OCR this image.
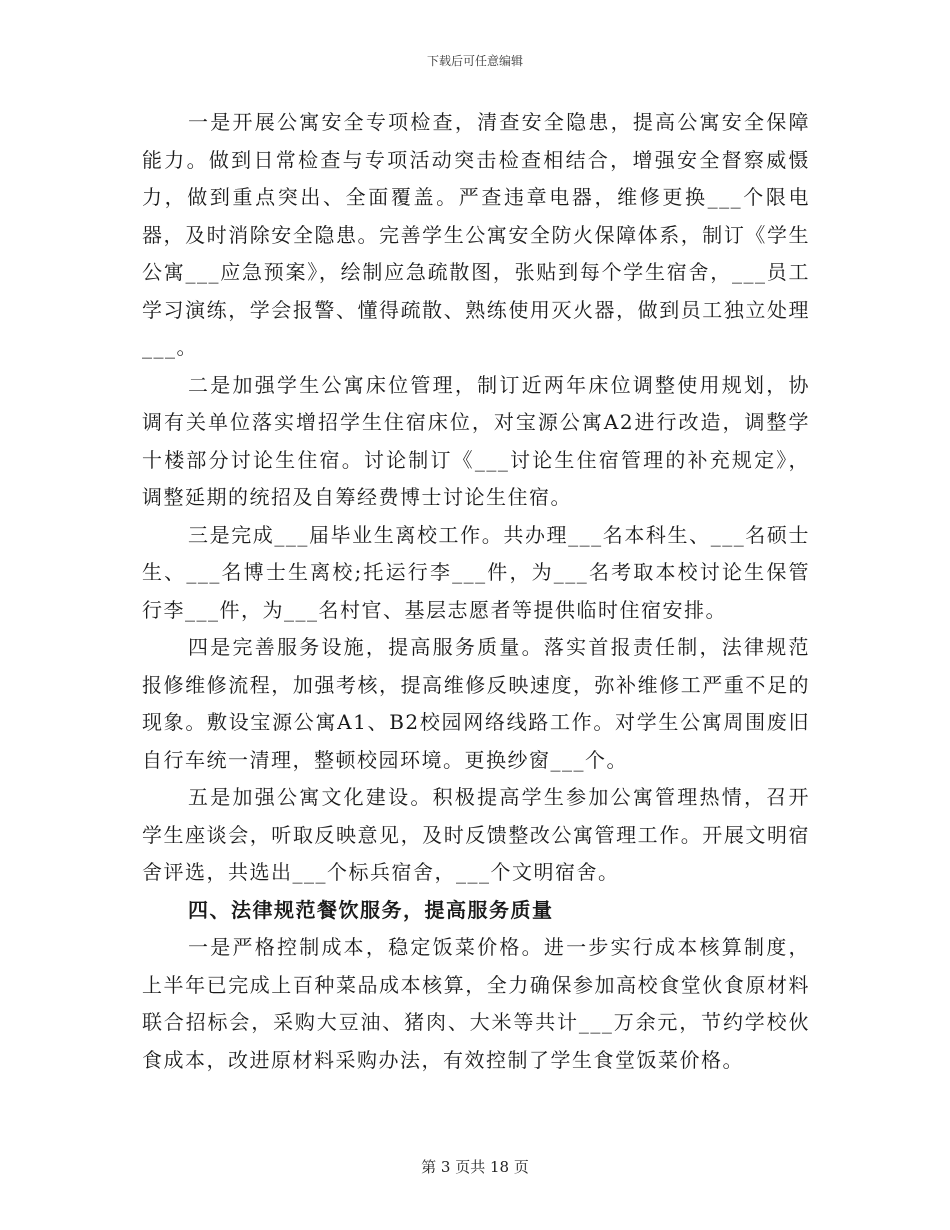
下载后可任意编辑

一是开展公寓安全专项检查，清查安全隐患，提高公寓安全保障能力。做到日常检查与专项活动突击检查相结合，增强安全督察威慑力，做到重点突出、全面覆盖。严查违章电器，维修更换___个限电器，及时消除安全隐患。完善学生公寓安全防火保障体系，制订《学生公寓___应急预案》，绘制应急疏散图，张贴到每个学生宿舍，___员工学习演练，学会报警、懂得疏散、熟练使用灭火器，做到员工独立处理___。

二是加强学生公寓床位管理，制订近两年床位调整使用规划，协调有关单位落实增招学生住宿床位，对宝源公寓A2进行改造，调整学十楼部分讨论生住宿。讨论制订《___讨论生住宿管理的补充规定》，调整延期的统招及自筹经费博士讨论生住宿。

三是完成___届毕业生离校工作。共办理___名本科生、___名硕士生、___名博士生离校;托运行李___件，为___名考取本校讨论生保管行李___件，为___名村官、基层志愿者等提供临时住宿安排。

四是完善服务设施，提高服务质量。落实首报责任制，法律规范报修维修流程，加强考核，提高维修反映速度，弥补维修工严重不足的现象。敷设宝源公寓A1、B2校园网络线路工作。对学生公寓周围废旧自行车统一清理，整顿校园环境。更换纱窗___个。

五是加强公寓文化建设。积极提高学生参加公寓管理热情，召开学生座谈会，听取反映意见，及时反馈整改公寓管理工作。开展文明宿舍评选，共选出___个标兵宿舍，___个文明宿舍。

四、法律规范餐饮服务，提高服务质量

一是严格控制成本，稳定饭菜价格。进一步实行成本核算制度，上半年已完成上百种菜品成本核算，全力确保参加高校食堂伙食原材料联合招标会，采购大豆油、猪肉、大米等共计___万余元，节约学校伙食成本，改进原材料采购办法，有效控制了学生食堂饭菜价格。

第 3 页共 18 页
